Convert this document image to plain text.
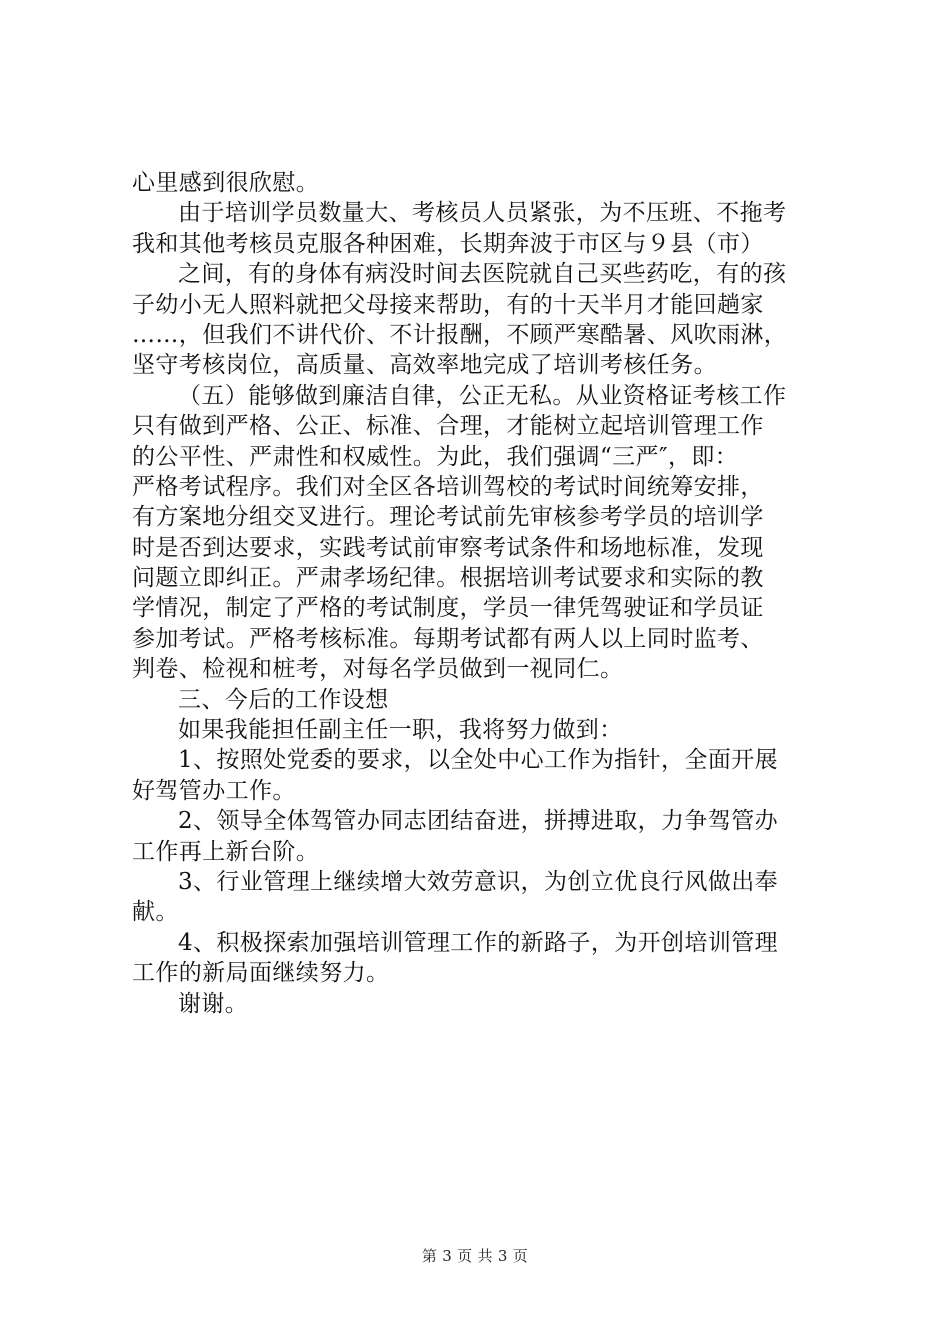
心里感到很欣慰。
由于培训学员数量大、考核员人员紧张，为不压班、不拖考
我和其他考核员克服各种困难，长期奔波于市区与９县（市）
之间，有的身体有病没时间去医院就自己买些药吃，有的孩
子幼小无人照料就把父母接来帮助，有的十天半月才能回趟家
……，但我们不讲代价、不计报酬，不顾严寒酷暑、风吹雨淋，
坚守考核岗位，高质量、高效率地完成了培训考核任务。
（五）能够做到廉洁自律，公正无私。从业资格证考核工作
只有做到严格、公正、标准、合理，才能树立起培训管理工作
的公平性、严肃性和权威性。为此，我们强调“三严″，即：
严格考试程序。我们对全区各培训驾校的考试时间统筹安排，
有方案地分组交叉进行。理论考试前先审核参考学员的培训学
时是否到达要求，实践考试前审察考试条件和场地标准，发现
问题立即纠正。严肃孝场纪律。根据培训考试要求和实际的教
学情况，制定了严格的考试制度，学员一律凭驾驶证和学员证
参加考试。严格考核标准。每期考试都有两人以上同时监考、
判卷、检视和桩考，对每名学员做到一视同仁。
三、今后的工作设想
如果我能担任副主任一职，我将努力做到：
1、按照处党委的要求，以全处中心工作为指针，全面开展
好驾管办工作。
2、领导全体驾管办同志团结奋进，拼搏进取，力争驾管办
工作再上新台阶。
3、行业管理上继续增大效劳意识，为创立优良行风做出奉
献。
4、积极探索加强培训管理工作的新路子，为开创培训管理
工作的新局面继续努力。
谢谢。
第 3 页 共 3 页
